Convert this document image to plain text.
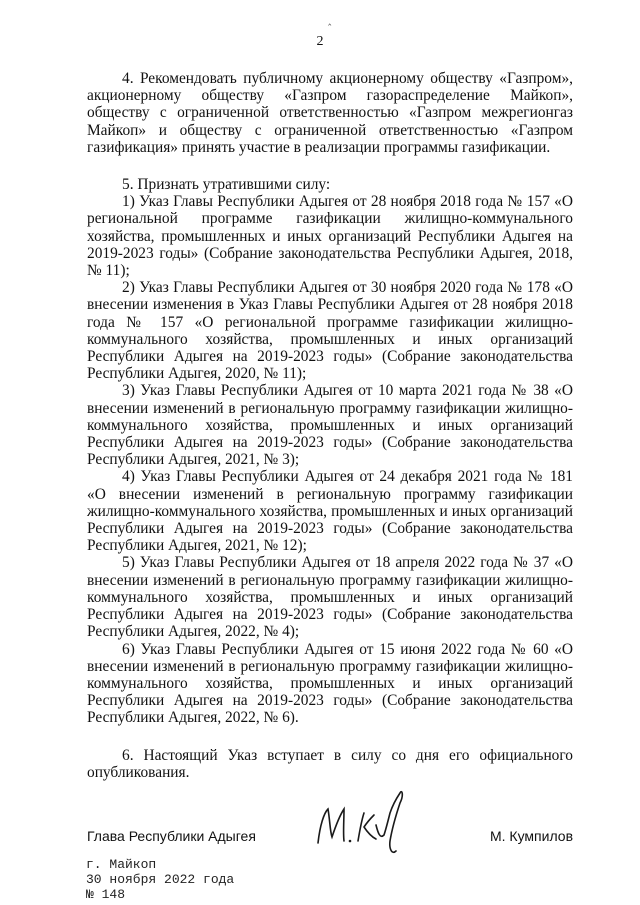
‸
2

4. Рекомендовать публичному акционерному обществу «Газпром», акционерному обществу «Газпром газораспределение Майкоп», обществу с ограниченной ответственностью «Газпром межрегионгаз Майкоп» и обществу с ограниченной ответственностью «Газпром газификация» принять участие в реализации программы газификации.

5. Признать утратившими силу:

1) Указ Главы Республики Адыгея от 28 ноября 2018 года № 157 «О региональной программе газификации жилищно-коммунального хозяйства, промышленных и иных организаций Республики Адыгея на 2019-2023 годы» (Собрание законодательства Республики Адыгея, 2018, № 11);

2) Указ Главы Республики Адыгея от 30 ноября 2020 года № 178 «О внесении изменения в Указ Главы Республики Адыгея от 28 ноября 2018 года № 157 «О региональной программе газификации жилищно-коммунального хозяйства, промышленных и иных организаций Республики Адыгея на 2019-2023 годы» (Собрание законодательства Республики Адыгея, 2020, № 11);

3) Указ Главы Республики Адыгея от 10 марта 2021 года № 38 «О внесении изменений в региональную программу газификации жилищно-коммунального хозяйства, промышленных и иных организаций Республики Адыгея на 2019-2023 годы» (Собрание законодательства Республики Адыгея, 2021, № 3);

4) Указ Главы Республики Адыгея от 24 декабря 2021 года № 181 «О внесении изменений в региональную программу газификации жилищно-коммунального хозяйства, промышленных и иных организаций Республики Адыгея на 2019-2023 годы» (Собрание законодательства Республики Адыгея, 2021, № 12);

5) Указ Главы Республики Адыгея от 18 апреля 2022 года № 37 «О внесении изменений в региональную программу газификации жилищно-коммунального хозяйства, промышленных и иных организаций Республики Адыгея на 2019-2023 годы» (Собрание законодательства Республики Адыгея, 2022, № 4);

6) Указ Главы Республики Адыгея от 15 июня 2022 года № 60 «О внесении изменений в региональную программу газификации жилищно-коммунального хозяйства, промышленных и иных организаций Республики Адыгея на 2019-2023 годы» (Собрание законодательства Республики Адыгея, 2022, № 6).

6. Настоящий Указ вступает в силу со дня его официального опубликования.

Глава Республики Адыгея	М. Кумпилов
г. Майкоп
30 ноября 2022 года
№ 148
